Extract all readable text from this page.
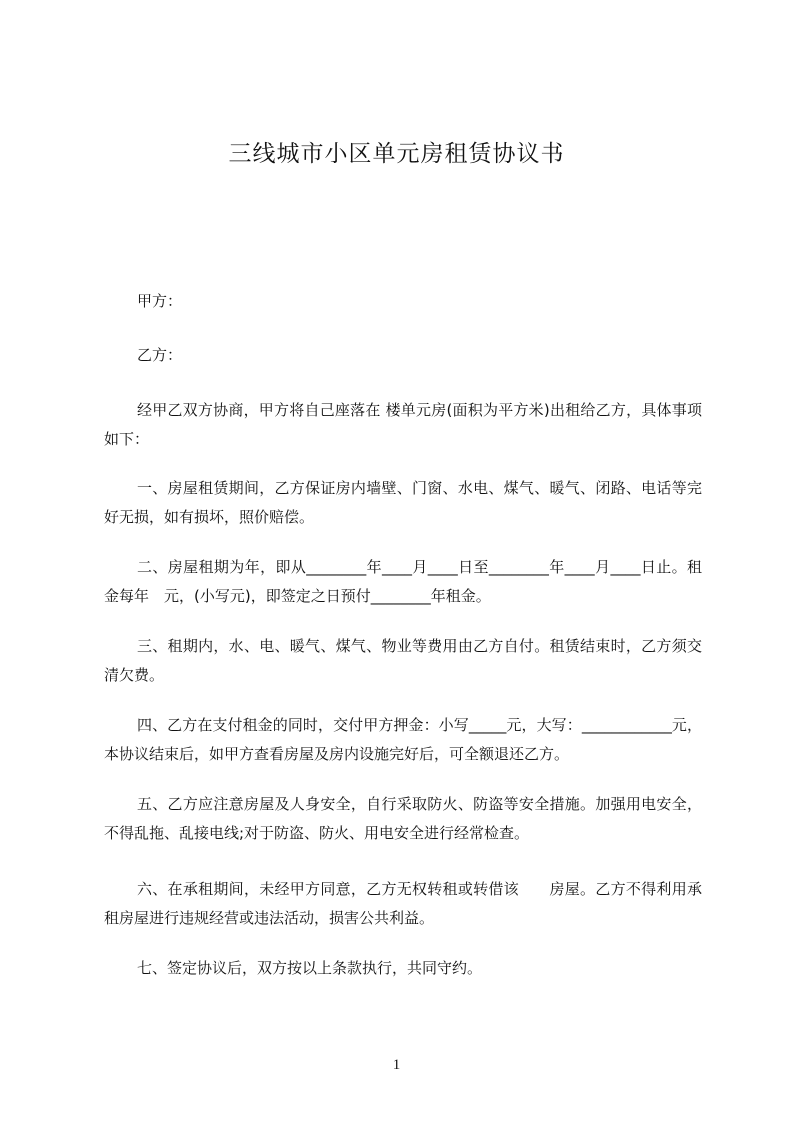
三线城市小区单元房租赁协议书

甲方：

乙方：

经甲乙双方协商，甲方将自己座落在 楼单元房(面积为平方米)出租给乙方，具体事项如下：

一、房屋租赁期间，乙方保证房内墙壁、门窗、水电、煤气、暖气、闭路、电话等完好无损，如有损坏，照价赔偿。

二、房屋租期为年，即从________年____月____日至________年____月____日止。租金每年　元，(小写元)，即签定之日预付________年租金。

三、租期内，水、电、暖气、煤气、物业等费用由乙方自付。租赁结束时，乙方须交清欠费。

四、乙方在支付租金的同时，交付甲方押金：小写_____元，大写：____________元，本协议结束后，如甲方查看房屋及房内设施完好后，可全额退还乙方。

五、乙方应注意房屋及人身安全，自行采取防火、防盗等安全措施。加强用电安全，不得乱拖、乱接电线;对于防盗、防火、用电安全进行经常检查。

六、在承租期间，未经甲方同意，乙方无权转租或转借该　　房屋。乙方不得利用承租房屋进行违规经营或违法活动，损害公共利益。

七、签定协议后，双方按以上条款执行，共同守约。

1
